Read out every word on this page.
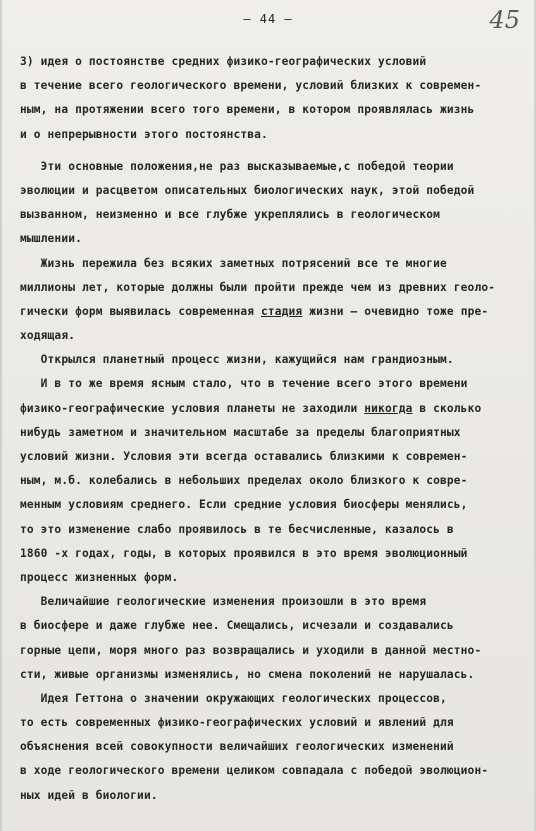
— 44 —	45
3) идея о постоянстве средних физико-географических условий
в течение всего геологического времени, условий близких к современ-
ным, на протяжении всего того времени, в котором проявлялась жизнь
и о непрерывности этого постоянства.
Эти основные положения,не раз высказываемые,с победой теории
эволюции и расцветом описательных биологических наук, этой победой
вызванном, неизменно и все глубже укреплялись в геологическом
мышлении.
Жизнь пережила без всяких заметных потрясений все те многие
миллионы лет, которые должны были пройти прежде чем из древних геоло-
гически форм выявилась современная стадия жизни — очевидно тоже пре-
ходящая.
Открылся планетный процесс жизни, кажущийся нам грандиозным.
И в то же время ясным стало, что в течение всего этого времени
физико-географические условия планеты не заходили никогда в сколько
нибудь заметном и значительном масштабе за пределы благоприятных
условий жизни. Условия эти всегда оставались близкими к современ-
ным, м.б. колебались в небольших пределах около близкого к совре-
менным условиям среднего. Если средние условия биосферы менялись,
то это изменение слабо проявилось в те бесчисленные, казалось в
1860 -х годах, годы, в которых проявился в это время эволюционный
процесс жизненных форм.
Величайшие геологические изменения произошли в это время
в биосфере и даже глубже нее. Смещались, исчезали и создавались
горные цепи, моря много раз возвращались и уходили в данной местно-
сти, живые организмы изменялись, но смена поколений не нарушалась.
Идея Геттона о значении окружающих геологических процессов,
то есть современных физико-географических условий и явлений для
объяснения всей совокупности величайших геологических изменений
в ходе геологического времени целиком совпадала с победой эволюцион-
ных идей в биологии.
